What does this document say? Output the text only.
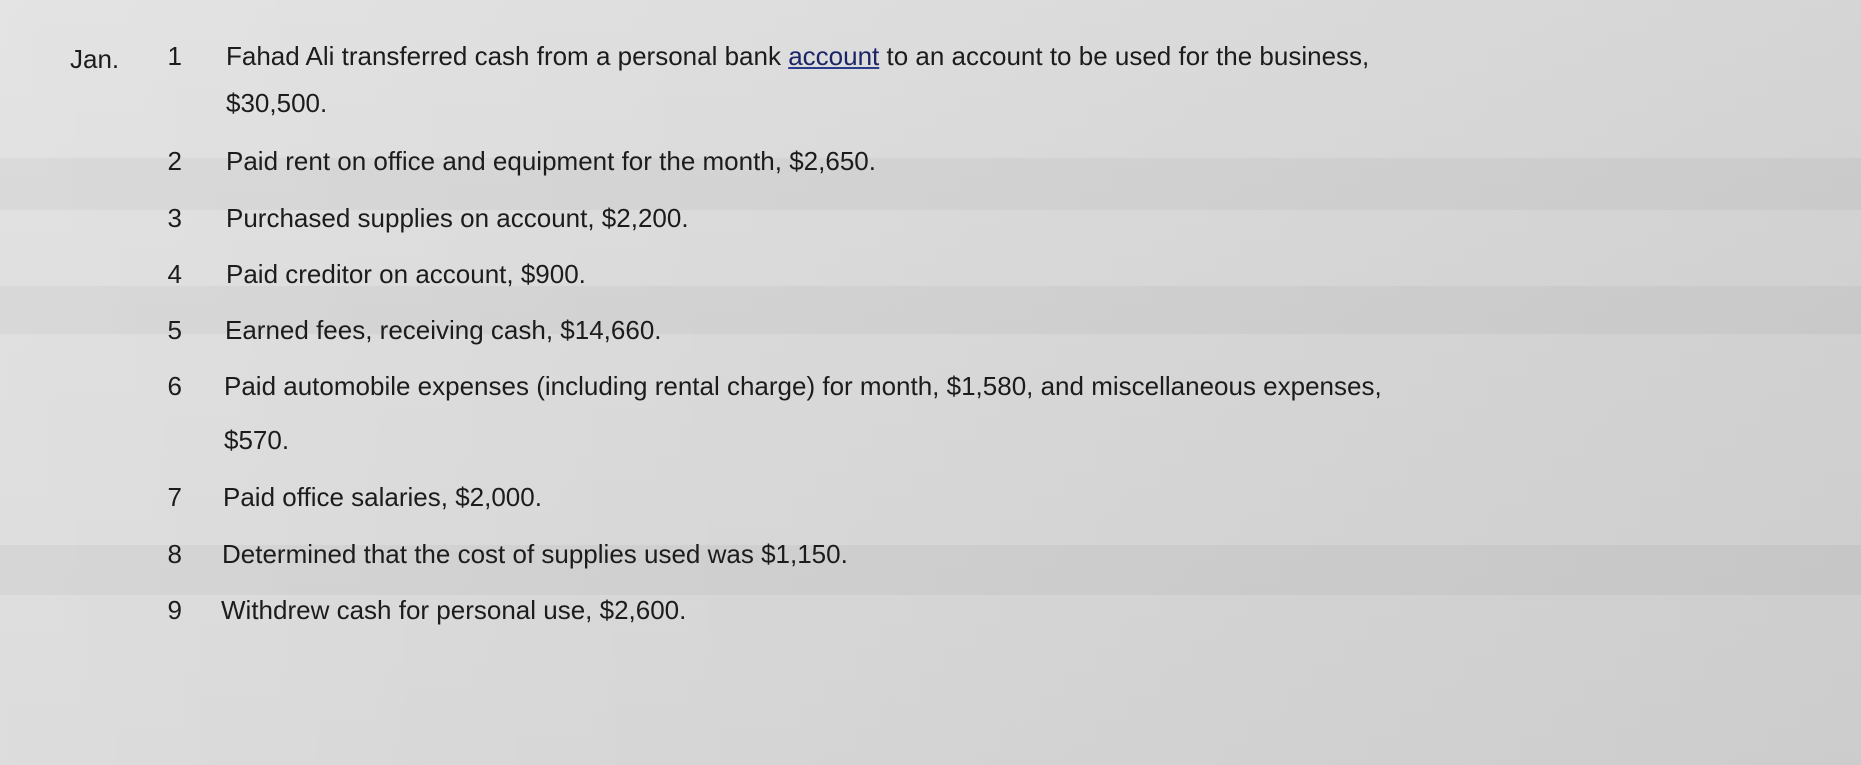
Jan.	1 Fahad Ali transferred cash from a personal bank account to an account to be used for the business,
$30,500.
2 Paid rent on office and equipment for the month, $2,650.
3 Purchased supplies on account, $2,200.
4 Paid creditor on account, $900.
5 Earned fees, receiving cash, $14,660.
6 Paid automobile expenses (including rental charge) for month, $1,580, and miscellaneous expenses,
$570.
7 Paid office salaries, $2,000.
8 Determined that the cost of supplies used was $1,150.
9 Withdrew cash for personal use, $2,600.
